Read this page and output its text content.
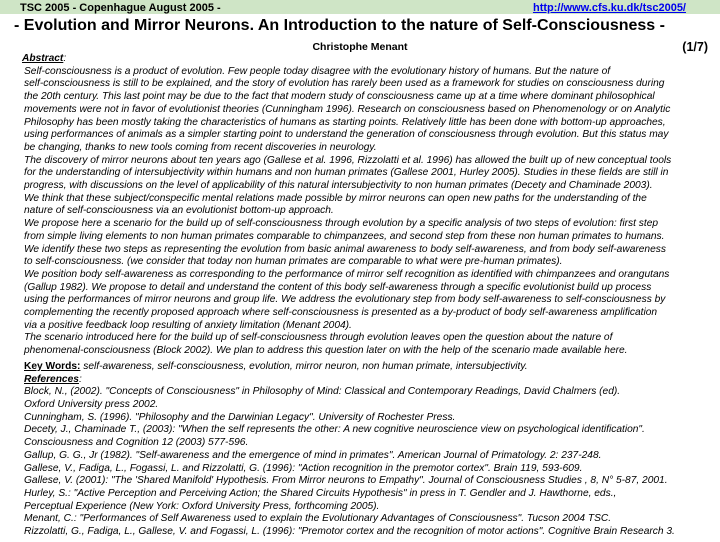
TSC 2005 - Copenhague August 2005 -	http://www.cfs.ku.dk/tsc2005/
- Evolution and Mirror Neurons. An Introduction to the nature of Self-Consciousness -
Christophe Menant	(1/7)
Abstract:
Self-consciousness is a product of evolution. Few people today disagree with the evolutionary history of humans. But the nature of
self-consciousness is still to be explained, and the story of evolution has rarely been used as a framework for studies on consciousness during
the 20th century. This last point may be due to the fact that modern study of consciousness came up at a time where dominant philosophical
movements were not in favor of evolutionist theories (Cunningham 1996). Research on consciousness based on Phenomenology or on Analytic
Philosophy has been mostly taking the characteristics of humans as starting points. Relatively little has been done with bottom-up approaches,
using performances of animals as a simpler starting point to understand the generation of consciousness through evolution. But this status may
be changing, thanks to new tools coming from recent discoveries in neurology.
The discovery of mirror neurons about ten years ago (Gallese et al. 1996, Rizzolatti et al. 1996) has allowed the built up of new conceptual tools
for the understanding of intersubjectivity within humans and non human primates (Gallese 2001, Hurley 2005). Studies in these fields are still in
progress, with discussions on the level of applicability of this natural intersubjectivity to non human primates (Decety and Chaminade 2003).
We think that these subject/conspecific mental relations made possible by mirror neurons can open new paths for the understanding of the
nature of self-consciousness via an evolutionist bottom-up approach.
We propose here a scenario for the build up of self-consciousness through evolution by a specific analysis of two steps of evolution: first step
from simple living elements to non human primates comparable to chimpanzees, and second step from these non human primates to humans.
We identify these two steps as representing the evolution from basic animal awareness to body self-awareness, and from body self-awareness
to self-consciousness. (we consider that today non human primates are comparable to what were pre-human primates).
We position body self-awareness as corresponding to the performance of mirror self recognition as identified with chimpanzees and orangutans
(Gallup 1982). We propose to detail and understand the content of this body self-awareness through a specific evolutionist build up process
using the performances of mirror neurons and group life. We address the evolutionary step from body self-awareness to self-consciousness by
complementing the recently proposed approach where self-consciousness is presented as a by-product of body self-awareness amplification
via a positive feedback loop resulting of anxiety limitation (Menant 2004).
The scenario introduced here for the build up of self-consciousness through evolution leaves open the question about the nature of
phenomenal-consciousness (Block 2002). We plan to address this question later on with the help of the scenario made available here.
Key Words: self-awareness, self-consciousness, evolution, mirror neuron, non human primate, intersubjectivity.
References:
Block, N., (2002). "Concepts of Consciousness" in Philosophy of Mind: Classical and Contemporary Readings, David Chalmers (ed).
Oxford University press 2002.
Cunningham, S. (1996). "Philosophy and the Darwinian Legacy". University of Rochester Press.
Decety, J., Chaminade T., (2003): "When the self represents the other: A new cognitive neuroscience view on psychological identification".
Consciousness and Cognition 12 (2003) 577-596.
Gallup, G. G., Jr (1982). "Self-awareness and the emergence of mind in primates". American Journal of Primatology. 2: 237-248.
Gallese, V., Fadiga, L., Fogassi, L. and Rizzolatti, G. (1996): "Action recognition in the premotor cortex". Brain 119, 593-609.
Gallese, V. (2001): "The 'Shared Manifold' Hypothesis. From Mirror neurons to Empathy". Journal of Consciousness Studies , 8, N° 5-87, 2001.
Hurley, S.: "Active Perception and Perceiving Action; the Shared Circuits Hypothesis" in press in T. Gendler and J. Hawthorne, eds.,
Perceptual Experience (New York: Oxford University Press, forthcoming 2005).
Menant, C.: "Performances of Self Awareness used to explain the Evolutionary Advantages of Consciousness". Tucson 2004 TSC.
Rizzolatti, G., Fadiga, L., Gallese, V. and Fogassi, L. (1996): "Premotor cortex and the recognition of motor actions". Cognitive Brain Research 3.
